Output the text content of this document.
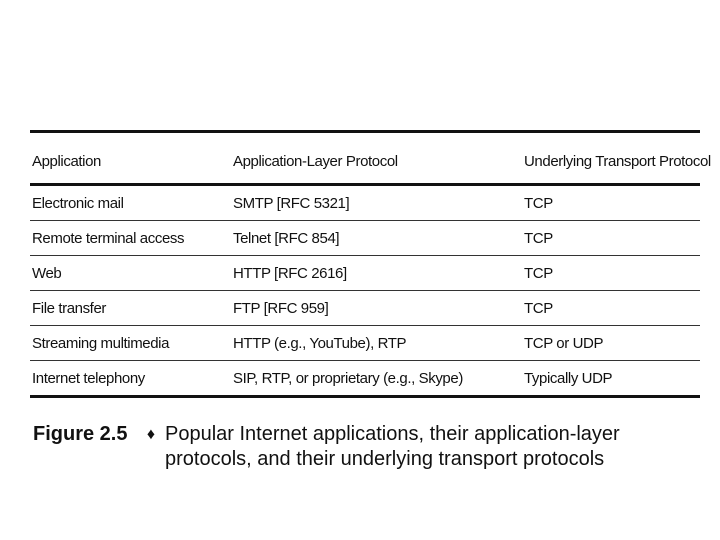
Application	Application-Layer Protocol	Underlying Transport Protocol
Electronic mail	SMTP [RFC 5321]	TCP
Remote terminal access	Telnet [RFC 854]	TCP
Web	HTTP [RFC 2616]	TCP
File transfer	FTP [RFC 959]	TCP
Streaming multimedia	HTTP (e.g., YouTube), RTP	TCP or UDP
Internet telephony	SIP, RTP, or proprietary (e.g., Skype)	Typically UDP
Figure 2.5	♦ Popular Internet applications, their application-layer
protocols, and their underlying transport protocols
